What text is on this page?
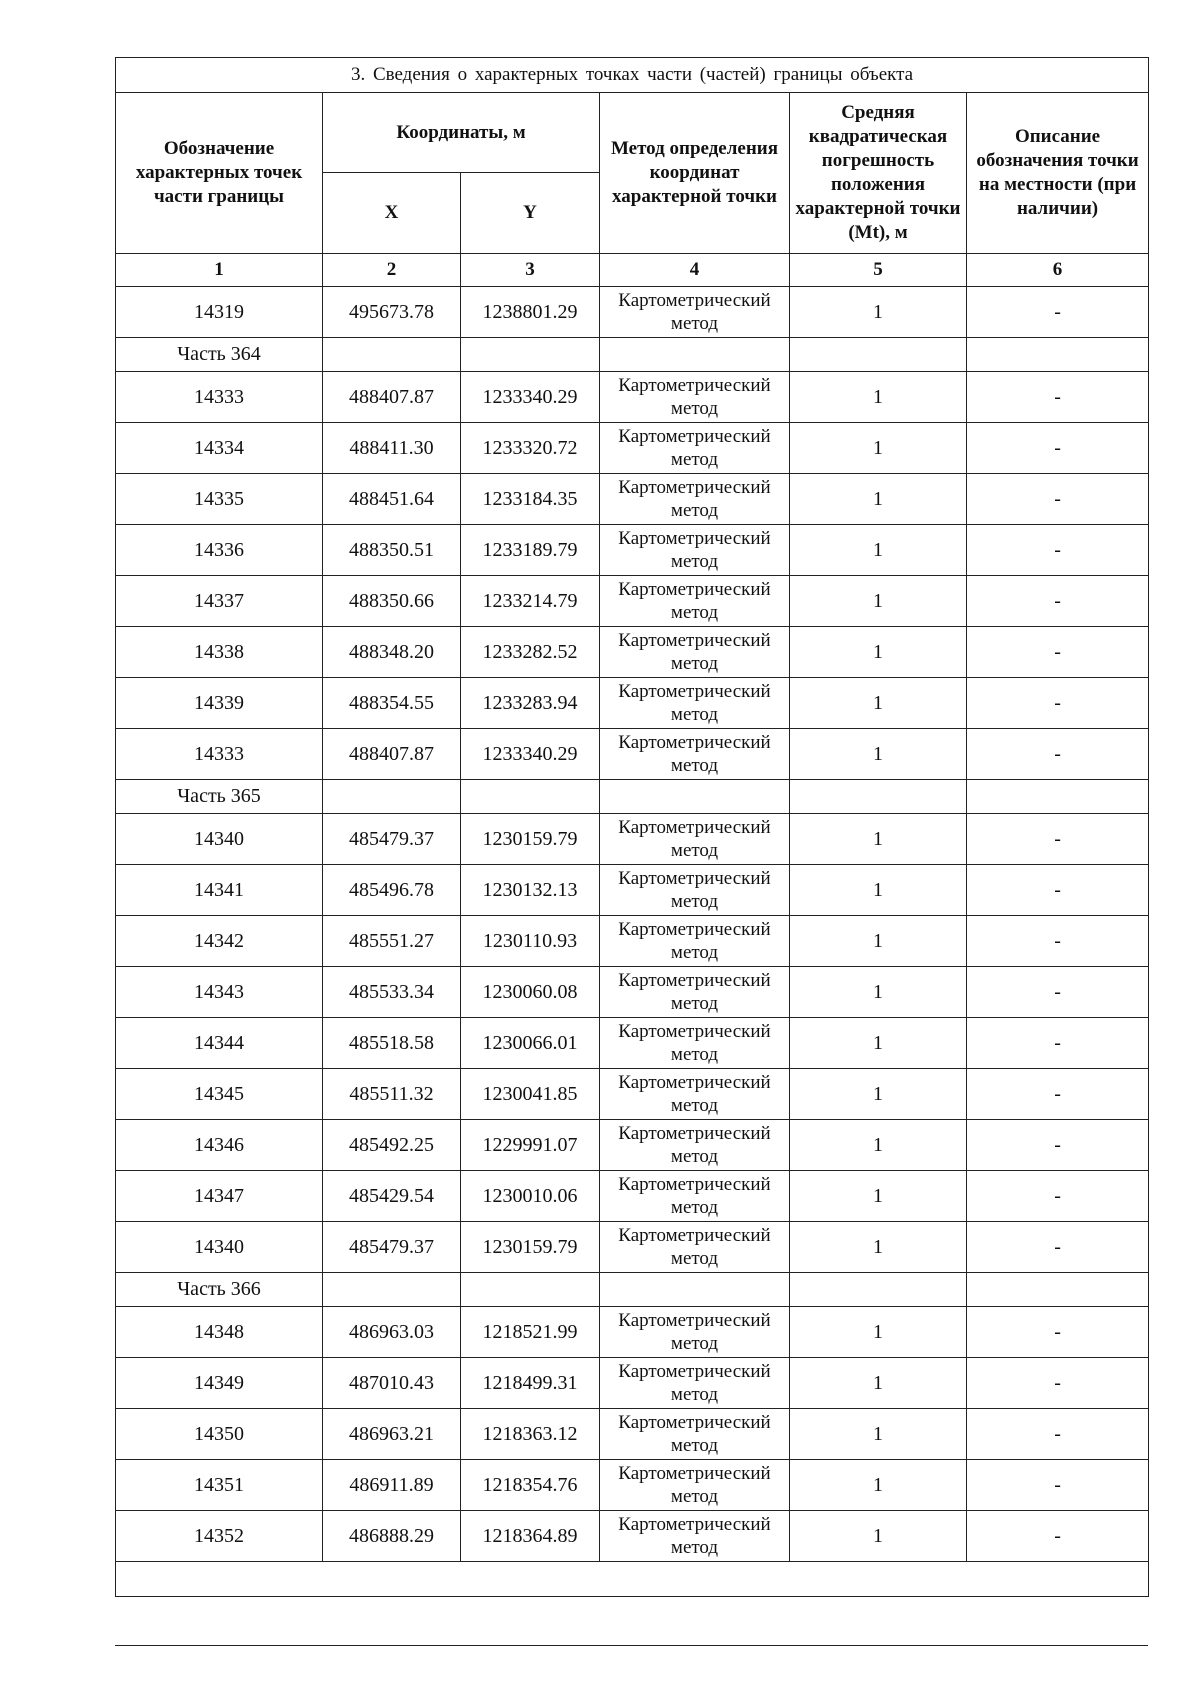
3. Сведения о характерных точках части (частей) границы объекта					
Обозначение характерных точек части границы	Координаты, м		Метод определения координат характерной точки	Средняя квадратическая погрешность положения характерной точки (Mt), м	Описание обозначения точки на местности (при наличии)
	X	Y			
1	2	3	4	5	6
14319	495673.78	1238801.29	Картометрический метод	1	-
Часть 364					
14333	488407.87	1233340.29	Картометрический метод	1	-
14334	488411.30	1233320.72	Картометрический метод	1	-
14335	488451.64	1233184.35	Картометрический метод	1	-
14336	488350.51	1233189.79	Картометрический метод	1	-
14337	488350.66	1233214.79	Картометрический метод	1	-
14338	488348.20	1233282.52	Картометрический метод	1	-
14339	488354.55	1233283.94	Картометрический метод	1	-
14333	488407.87	1233340.29	Картометрический метод	1	-
Часть 365					
14340	485479.37	1230159.79	Картометрический метод	1	-
14341	485496.78	1230132.13	Картометрический метод	1	-
14342	485551.27	1230110.93	Картометрический метод	1	-
14343	485533.34	1230060.08	Картометрический метод	1	-
14344	485518.58	1230066.01	Картометрический метод	1	-
14345	485511.32	1230041.85	Картометрический метод	1	-
14346	485492.25	1229991.07	Картометрический метод	1	-
14347	485429.54	1230010.06	Картометрический метод	1	-
14340	485479.37	1230159.79	Картометрический метод	1	-
Часть 366					
14348	486963.03	1218521.99	Картометрический метод	1	-
14349	487010.43	1218499.31	Картометрический метод	1	-
14350	486963.21	1218363.12	Картометрический метод	1	-
14351	486911.89	1218354.76	Картометрический метод	1	-
14352	486888.29	1218364.89	Картометрический метод	1	-
